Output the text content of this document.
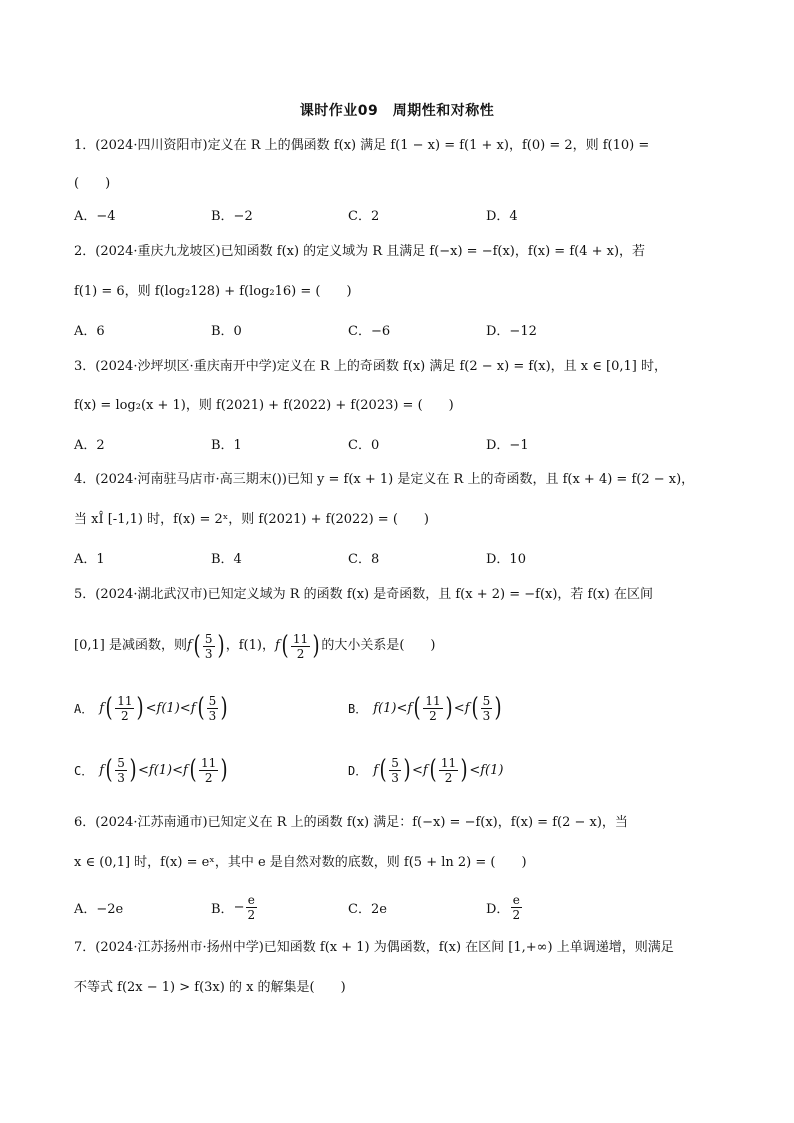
课时作业09　周期性和对称性
1．(2024·四川资阳市)定义在 R 上的偶函数 f(x) 满足 f(1 − x) = f(1 + x)，f(0) = 2，则 f(10) =
(　　)
A．−4	B．−2	C．2	D．4
2．(2024·重庆九龙坡区)已知函数 f(x) 的定义域为 R 且满足 f(−x) = −f(x)，f(x) = f(4 + x)，若
f(1) = 6，则 f(log₂128) + f(log₂16) = (　　)
A．6	B．0	C．−6	D．−12
3．(2024·沙坪坝区·重庆南开中学)定义在 R 上的奇函数 f(x) 满足 f(2 − x) = f(x)，且 x ∈ [0,1] 时，
f(x) = log₂(x + 1)，则 f(2021) + f(2022) + f(2023) = (　　)
A．2	B．1	C．0	D．−1
4．(2024·河南驻马店市·高三期末())已知 y = f(x + 1) 是定义在 R 上的奇函数，且 f(x + 4) = f(2 − x)，
当 xÎ [-1,1) 时，f(x) = 2ˣ，则 f(2021) + f(2022) = (　　)
A．1	B．4	C．8	D．10
5．(2024·湖北武汉市)已知定义域为 R 的函数 f(x) 是奇函数，且 f(x + 2) = −f(x)，若 f(x) 在区间
[0,1] 是减函数，则 f ( $\frac{5}{3}$ ) ，f(1)， f ( $\frac{11}{2}$ ) 的大小关系是(　　)
A． f ( $\frac{11}{2}$ ) < f(1) < f ( $\frac{5}{3}$ )	B． f(1) < f ( $\frac{11}{2}$ ) < f ( $\frac{5}{3}$ )
C． f ( $\frac{5}{3}$ ) < f(1) < f ( $\frac{11}{2}$ )	D． f ( $\frac{5}{3}$ ) < f ( $\frac{11}{2}$ ) < f(1)
6．(2024·江苏南通市)已知定义在 R 上的函数 f(x) 满足：f(−x) = −f(x)，f(x) = f(2 − x)，当
x ∈ (0,1] 时，f(x) = eˣ，其中 e 是自然对数的底数，则 f(5 + ln 2) = (　　)
A．−2e	B． − $\frac{e}{2}$	C．2e	D． $\frac{e}{2}$
7．(2024·江苏扬州市·扬州中学)已知函数 f(x + 1) 为偶函数，f(x) 在区间 [1,+∞) 上单调递增，则满足
不等式 f(2x − 1) > f(3x) 的 x 的解集是(　　)
